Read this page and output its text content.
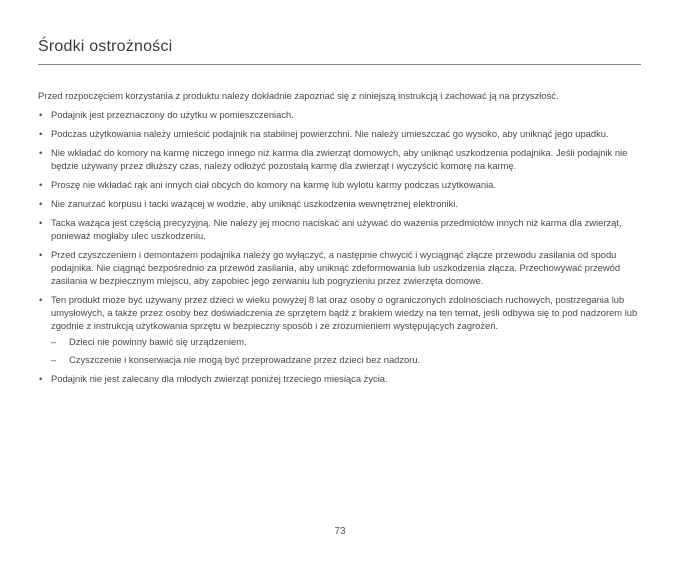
Środki ostrożności

Przed rozpoczęciem korzystania z produktu należy dokładnie zapoznać się z niniejszą instrukcją i zachować ją na przyszłość.

• Podajnik jest przeznaczony do użytku w pomieszczeniach.
• Podczas użytkowania należy umieścić podajnik na stabilnej powierzchni. Nie należy umieszczać go wysoko, aby uniknąć jego upadku.
• Nie wkładać do komory na karmę niczego innego niż karma dla zwierząt domowych, aby uniknąć uszkodzenia podajnika. Jeśli podajnik nie będzie używany przez dłuższy czas, należy odłożyć pozostałą karmę dla zwierząt i wyczyścić komorę na karmę.
• Proszę nie wkładać rąk ani innych ciał obcych do komory na karmę lub wylotu karmy podczas użytkowania.
• Nie zanurzać korpusu i tacki ważącej w wodzie, aby uniknąć uszkodzenia wewnętrznej elektroniki.
• Tacka ważąca jest częścią precyzyjną. Nie należy jej mocno naciskać ani używać do ważenia przedmiotów innych niż karma dla zwierząt, ponieważ mogłaby ulec uszkodzeniu.
• Przed czyszczeniem i demontażem podajnika należy go wyłączyć, a następnie chwycić i wyciągnąć złącze przewodu zasilania od spodu podajnika. Nie ciągnąć bezpośrednio za przewód zasilania, aby uniknąć zdeformowania lub uszkodzenia złącza. Przechowywać przewód zasilania w bezpiecznym miejscu, aby zapobiec jego zerwaniu lub pogryzieniu przez zwierzęta domowe.
• Ten produkt może być używany przez dzieci w wieku powyżej 8 lat oraz osoby o ograniczonych zdolnościach ruchowych, postrzegania lub umysłowych, a także przez osoby bez doświadczenia ze sprzętem bądź z brakiem wiedzy na ten temat, jeśli odbywa się to pod nadzorem lub zgodnie z instrukcją użytkowania sprzętu w bezpieczny sposób i ze zrozumieniem występujących zagrożeń.
– Dzieci nie powinny bawić się urządzeniem.
– Czyszczenie i konserwacja nie mogą być przeprowadzane przez dzieci bez nadzoru.
• Podajnik nie jest zalecany dla młodych zwierząt poniżej trzeciego miesiąca życia.
73
